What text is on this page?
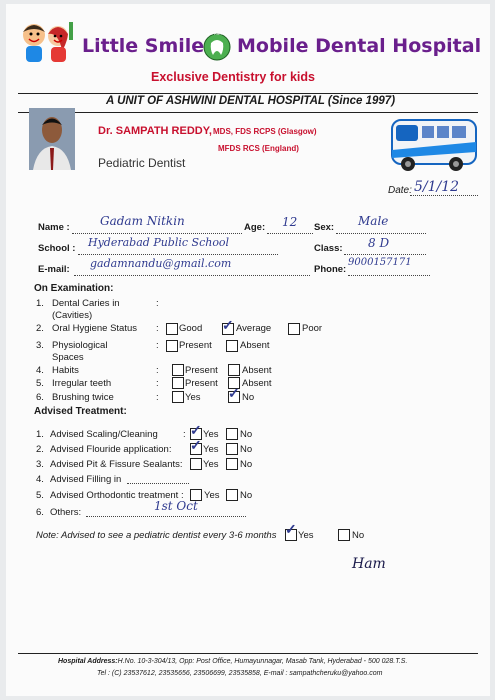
Little Smile
Mr.FRIENDLY
Mobile Dental Hospital
Exclusive Dentistry for kids
A UNIT OF ASHWINI DENTAL HOSPITAL (Since 1997)
Dr. SAMPATH REDDY, MDS, FDS RCPS (Glasgow)
MFDS RCS (England)
Pediatric Dentist
Date: 5/1/12
Name :	Gadam Nitkin	Age: 12 Sex: Male
School : Hyderabad Public School	Class: 8 D
E-mail: gadamnandu@gmail.com	Phone:
9000157171
On Examination:
1. Dental Caries in
(Cavities)
:
2. Oral Hygiene Status : Good ✓ Average	Poor
3. Physiological
Spaces
: Present	Absent
4. Habits	:	Present	Absent
5. Irregular teeth	:	Present	Absent
6. Brushing twice	:	Yes ✓ No
Advised Treatment:
1. Advised Scaling/Cleaning	: ✓ Yes No
2. Advised Flouride application: ✓ Yes No
3. Advised Pit & Fissure Sealants: Yes No
4. Advised Filling in
5. Advised Orthodontic treatment : Yes No
6. Others:	1st Oct
Note: Advised to see a pediatric dentist every 3-6 months ✓ Yes	No
Ham
Hospital Address:H.No. 10-3-304/13, Opp: Post Office, Humayunnagar, Masab Tank, Hyderabad - 500 028.T.S.
Tel : (C) 23537612, 23535656, 23506699, 23535858, E-mail : sampathcheruku@yahoo.com
